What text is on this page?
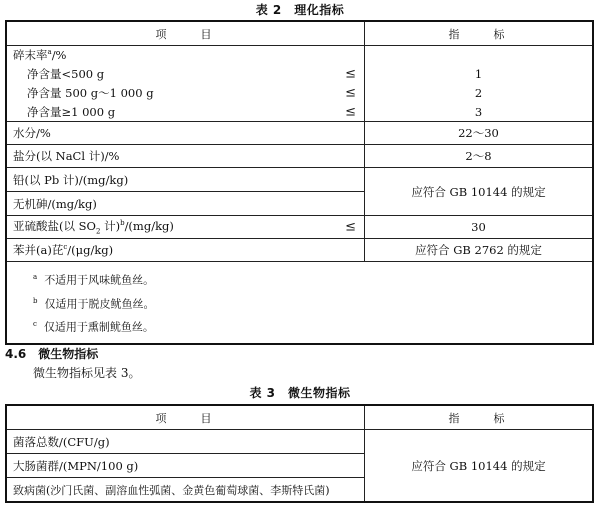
表 2　理化指标
项　　目	指　　标
碎末率$^a$/%	
净含量<500 g ≤	1
净含量 500 g～1 000 g ≤	2
净含量≥1 000 g ≤	3
水分/%	22～30
盐分(以 NaCl 计)/%	2～8
铅(以 Pb 计)/(mg/kg)	应符合 GB 10144 的规定
无机砷/(mg/kg)	
亚硫酸盐(以 $SO_2$ 计)$^b$/(mg/kg) ≤	30
苯并(a)芘$^c$/(μg/kg)	应符合 GB 2762 的规定

$^a$ 不适用于风味鱿鱼丝。
$^b$ 仅适用于脱皮鱿鱼丝。
$^c$ 仅适用于熏制鱿鱼丝。	
4.6　微生物指标
微生物指标见表 3。
表 3　微生物指标
项　　目	指　　标
菌落总数/(CFU/g)	应符合 GB 10144 的规定
大肠菌群/(MPN/100 g)	
致病菌(沙门氏菌、副溶血性弧菌、金黄色葡萄球菌、李斯特氏菌)	
